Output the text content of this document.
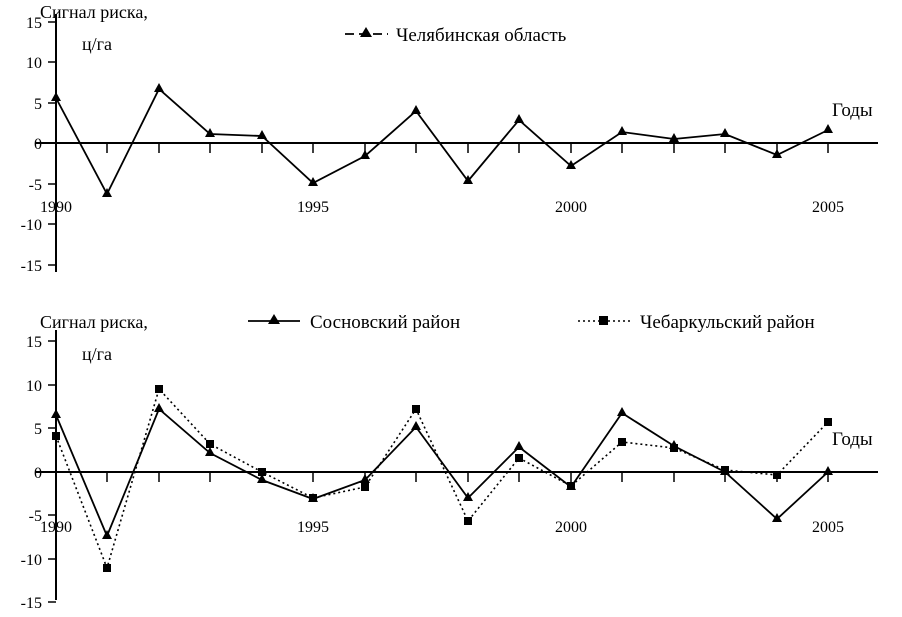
15
10
5
0
-5
-10
-15
1990	1995	2000	2005
Сигнал риска,
ц/га
Годы
Челябинская область
15
10
5
0
-5
-10
-15
1990	1995	2000	2005
Сигнал риска,
ц/га
Годы
Сосновский район	Чебаркульский район
